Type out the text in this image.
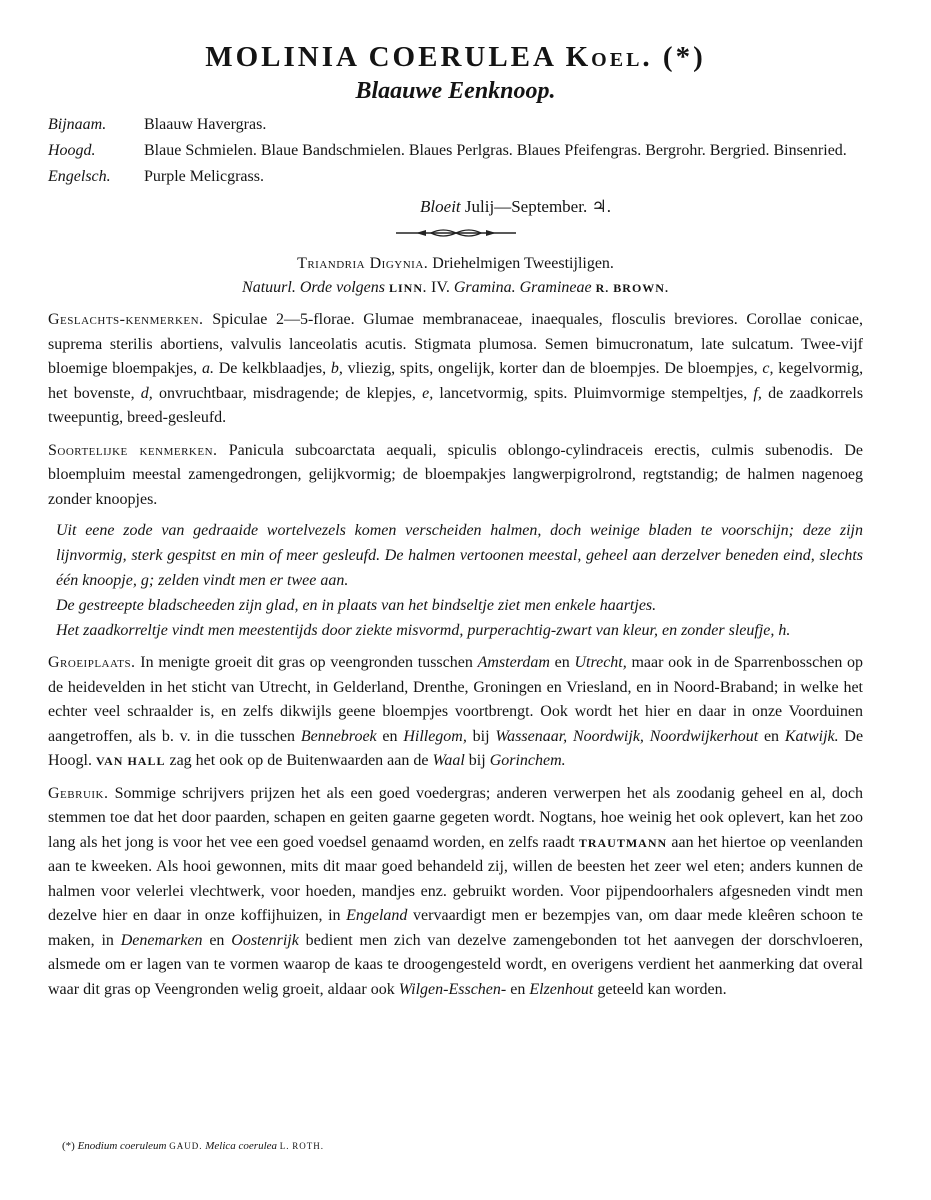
MOLINIA COERULEA Koel. (*)
Blaauwe Eenknoop.
Bijnaam.	Blaauw Havergras.
Hoogd.	Blaue Schmielen. Blaue Bandschmielen. Blaues Perlgras. Blaues Pfeifengras. Bergrohr. Bergried. Binsenried.
Engelsch.	Purple Melicgrass.
Bloeit Julij—September. ♃.
Triandria Digynia. Driehelmigen Tweestijligen.
Natuurl. Orde volgens LINN. IV. Gramina. Gramineae R. BROWN.
Geslachts-kenmerken. Spiculae 2—5-florae. Glumae membranaceae, inaequales, flosculis breviores. Corollae conicae, suprema sterilis abortiens, valvulis lanceolatis acutis. Stigmata plumosa. Semen bimucronatum, late sulcatum. Twee-vijf bloemige bloempakjes, a. De kelkblaadjes, b, vliezig, spits, ongelijk, korter dan de bloempjes. De bloempjes, c, kegelvormig, het bovenste, d, onvruchtbaar, misdragende; de klepjes, e, lancetvormig, spits. Pluimvormige stempeltjes, f, de zaadkorrels tweepuntig, breed-gesleufd.
Soortelijke kenmerken. Panicula subcoarctata aequali, spiculis oblongo-cylindraceis erectis, culmis subenodis. De bloempluim meestal zamengedrongen, gelijkvormig; de bloempakjes langwerpigrolrond, regtstandig; de halmen nagenoeg zonder knoopjes.

Uit eene zode van gedraaide wortelvezels komen verscheiden halmen, doch weinige bladen te voorschijn; deze zijn lijnvormig, sterk gespitst en min of meer gesleufd. De halmen vertoonen meestal, geheel aan derzelver beneden eind, slechts één knoopje, g; zelden vindt men er twee aan.

De gestreepte bladscheeden zijn glad, en in plaats van het bindseltje ziet men enkele haartjes.

Het zaadkorreltje vindt men meestentijds door ziekte misvormd, purperachtig-zwart van kleur, en zonder sleufje, h.

Groeiplaats. In menigte groeit dit gras op veengronden tusschen Amsterdam en Utrecht, maar ook in de Sparrenbosschen op de heidevelden in het sticht van Utrecht, in Gelderland, Drenthe, Groningen en Vriesland, en in Noord-Braband; in welke het echter veel schraalder is, en zelfs dikwijls geene bloempjes voortbrengt. Ook wordt het hier en daar in onze Voorduinen aangetroffen, als b. v. in die tusschen Bennebroek en Hillegom, bij Wassenaar, Noordwijk, Noordwijkerhout en Katwijk. De Hoogl. VAN HALL zag het ook op de Buitenwaarden aan de Waal bij Gorinchem.
Gebruik. Sommige schrijvers prijzen het als een goed voedergras; anderen verwerpen het als zoodanig geheel en al, doch stemmen toe dat het door paarden, schapen en geiten gaarne gegeten wordt. Nogtans, hoe weinig het ook oplevert, kan het zoo lang als het jong is voor het vee een goed voedsel genaamd worden, en zelfs raadt TRAUTMANN aan het hiertoe op veenlanden aan te kweeken. Als hooi gewonnen, mits dit maar goed behandeld zij, willen de beesten het zeer wel eten; anders kunnen de halmen voor velerlei vlechtwerk, voor hoeden, mandjes enz. gebruikt worden. Voor pijpendoorhalers afgesneden vindt men dezelve hier en daar in onze koffijhuizen, in Engeland vervaardigt men er bezempjes van, om daar mede kleêren schoon te maken, in Denemarken en Oostenrijk bedient men zich van dezelve zamengebonden tot het aanvegen der dorschvloeren, alsmede om er lagen van te vormen waarop de kaas te droogengesteld wordt, en overigens verdient het aanmerking dat overal waar dit gras op Veengronden welig groeit, aldaar ook Wilgen-Esschen- en Elzenhout geteeld kan worden.
(*) Enodium coeruleum GAUD. Melica coerulea L. ROTH.
